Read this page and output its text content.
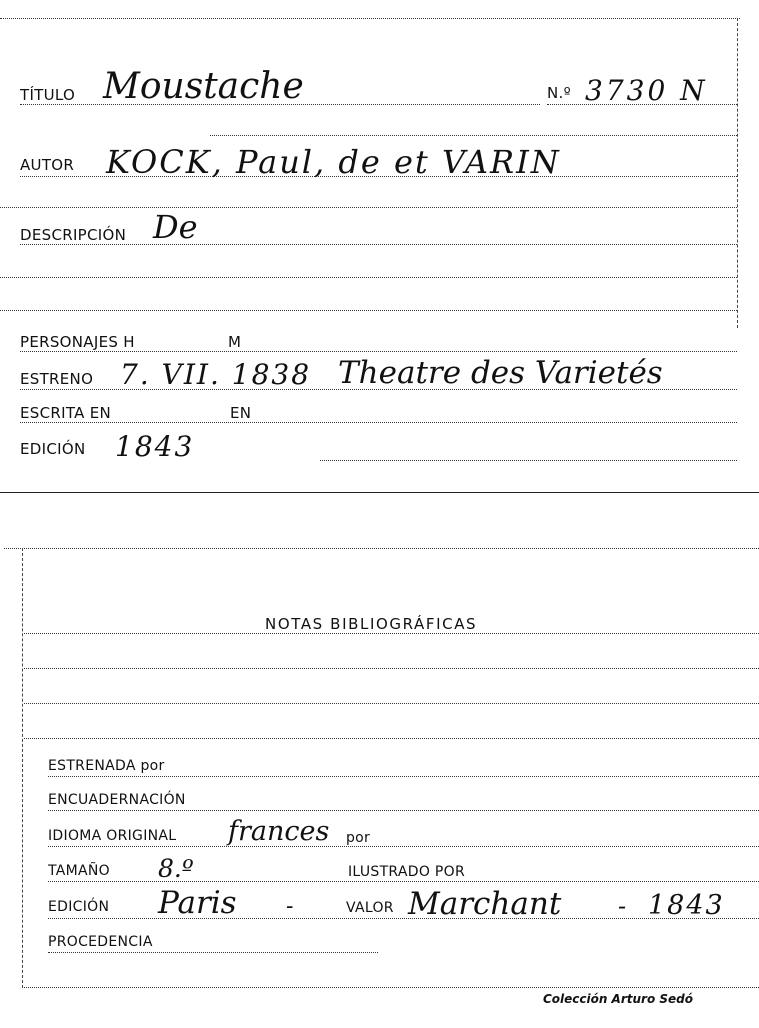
TÍTULO Moustache	N.º 3730 N
AUTOR KOCK, Paul, de et VARIN
DESCRIPCIÓN De
PERSONAJES H	M
ESTRENO 7. VII. 1838 Theatre des Varietés
ESCRITA EN	EN
EDICIÓN 1843
NOTAS BIBLIOGRÁFICAS
ESTRENADA por
ENCUADERNACIÓN
IDIOMA ORIGINAL frances por
TAMAÑO 8.º	ILUSTRADO POR
EDICIÓN Paris -	VALOR Marchant - 1843
PROCEDENCIA
Colección Arturo Sedó
